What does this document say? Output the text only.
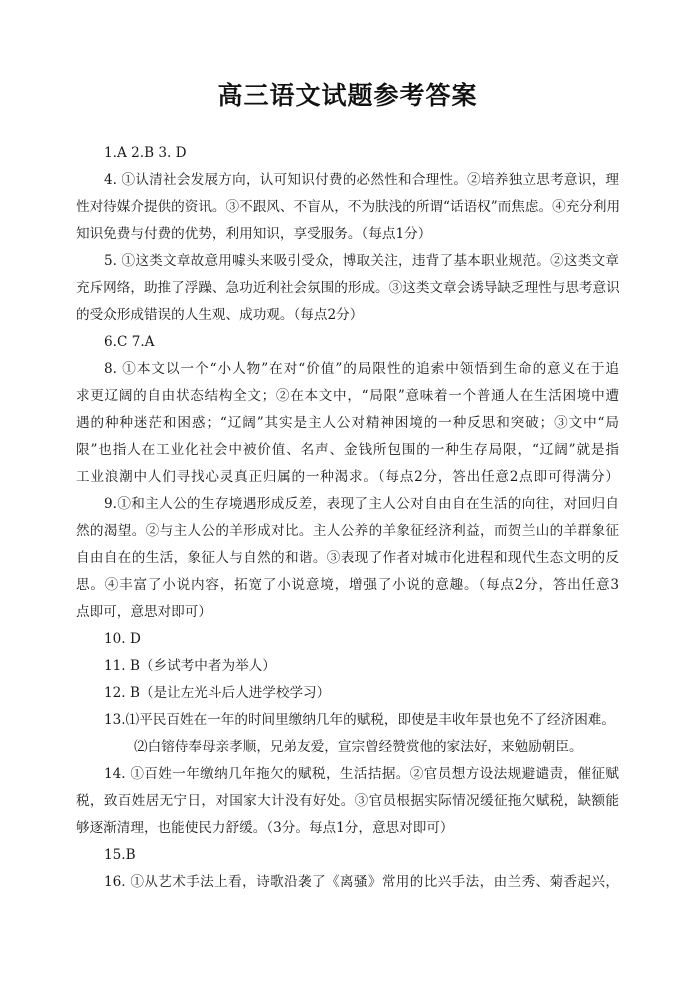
高三语文试题参考答案
1.A 2.B 3. D
4. ①认清社会发展方向，认可知识付费的必然性和合理性。②培养独立思考意识，理
性对待媒介提供的资讯。③不跟风、不盲从，不为肤浅的所谓“话语权”而焦虑。④充分利用
知识免费与付费的优势，利用知识，享受服务。（每点1分）
5. ①这类文章故意用噱头来吸引受众，博取关注，违背了基本职业规范。②这类文章
充斥网络，助推了浮躁、急功近利社会氛围的形成。③这类文章会诱导缺乏理性与思考意识
的受众形成错误的人生观、成功观。（每点2分）
6.C 7.A
8. ①本文以一个“小人物”在对“价值”的局限性的追索中领悟到生命的意义在于追
求更辽阔的自由状态结构全文；②在本文中，“局限”意味着一个普通人在生活困境中遭
遇的种种迷茫和困惑；“辽阔”其实是主人公对精神困境的一种反思和突破；③文中“局
限”也指人在工业化社会中被价值、名声、金钱所包围的一种生存局限，“辽阔”就是指
工业浪潮中人们寻找心灵真正归属的一种渴求。（每点2分，答出任意2点即可得满分）
9.①和主人公的生存境遇形成反差，表现了主人公对自由自在生活的向往，对回归自
然的渴望。②与主人公的羊形成对比。主人公养的羊象征经济利益，而贺兰山的羊群象征
自由自在的生活，象征人与自然的和谐。③表现了作者对城市化进程和现代生态文明的反
思。④丰富了小说内容，拓宽了小说意境，增强了小说的意趣。（每点2分，答出任意3
点即可，意思对即可）
10. D
11. B（乡试考中者为举人）
12. B（是让左光斗后人进学校学习）
13.⑴平民百姓在一年的时间里缴纳几年的赋税，即使是丰收年景也免不了经济困难。
⑵白镕侍奉母亲孝顺，兄弟友爱，宣宗曾经赞赏他的家法好，来勉励朝臣。
14. ①百姓一年缴纳几年拖欠的赋税，生活拮据。②官员想方设法规避谴责，催征赋
税，致百姓居无宁日，对国家大计没有好处。③官员根据实际情况缓征拖欠赋税，缺额能
够逐渐清理，也能使民力舒缓。（3分。每点1分，意思对即可）
15.B
16. ①从艺术手法上看，诗歌沿袭了《离骚》常用的比兴手法，由兰秀、菊香起兴，
